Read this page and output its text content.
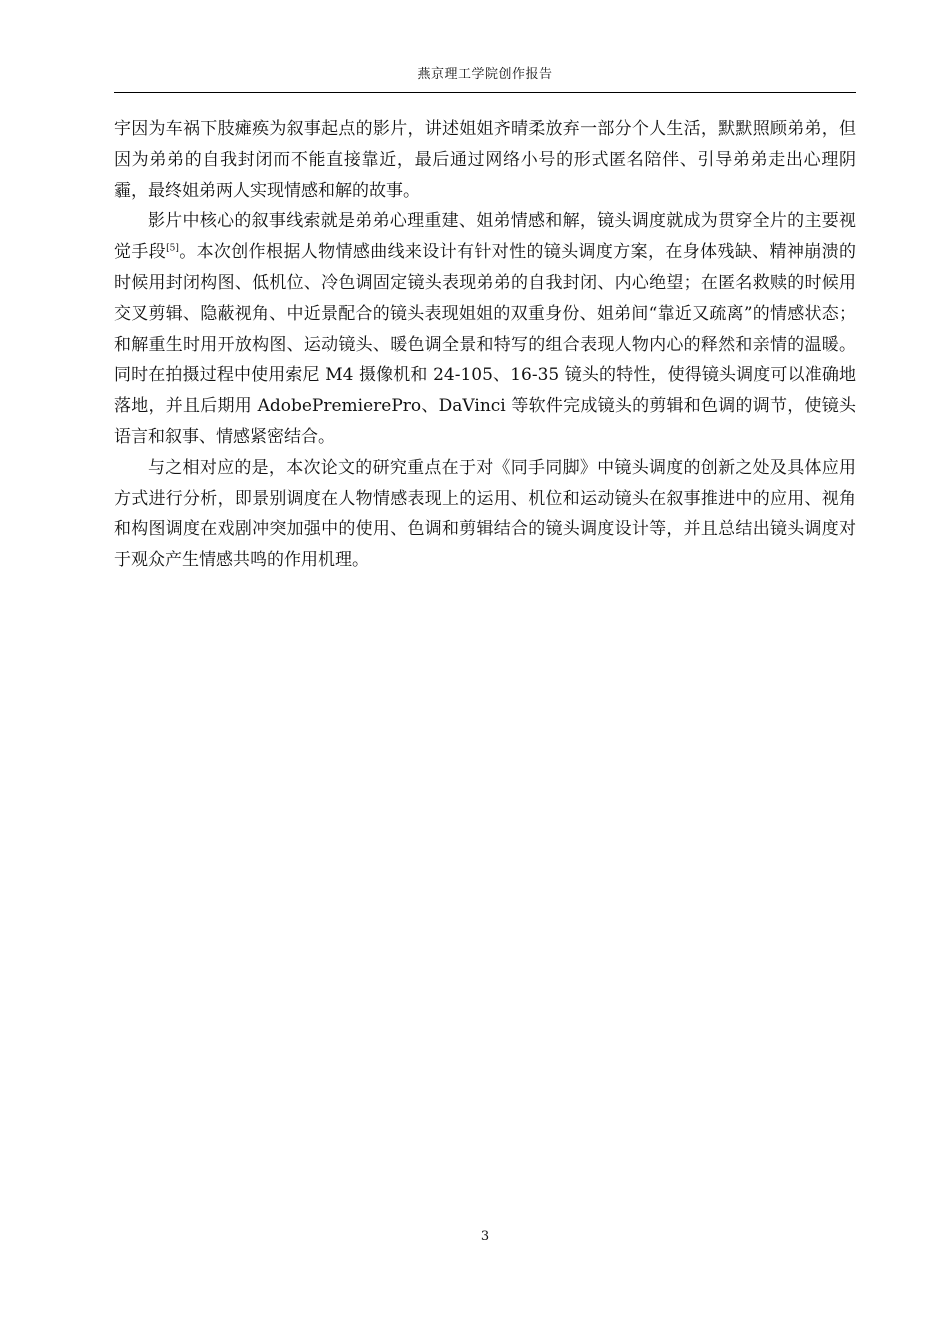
燕京理工学院创作报告

宇因为车祸下肢瘫痪为叙事起点的影片，讲述姐姐齐晴柔放弃一部分个人生活，默默照顾弟弟，但因为弟弟的自我封闭而不能直接靠近，最后通过网络小号的形式匿名陪伴、引导弟弟走出心理阴霾，最终姐弟两人实现情感和解的故事。

影片中核心的叙事线索就是弟弟心理重建、姐弟情感和解，镜头调度就成为贯穿全片的主要视觉手段[5]。本次创作根据人物情感曲线来设计有针对性的镜头调度方案，在身体残缺、精神崩溃的时候用封闭构图、低机位、冷色调固定镜头表现弟弟的自我封闭、内心绝望；在匿名救赎的时候用交叉剪辑、隐蔽视角、中近景配合的镜头表现姐姐的双重身份、姐弟间“靠近又疏离”的情感状态；和解重生时用开放构图、运动镜头、暖色调全景和特写的组合表现人物内心的释然和亲情的温暖。同时在拍摄过程中使用索尼 M4 摄像机和 24-105、16-35 镜头的特性，使得镜头调度可以准确地落地，并且后期用 AdobePremierePro、DaVinci 等软件完成镜头的剪辑和色调的调节，使镜头语言和叙事、情感紧密结合。

与之相对应的是，本次论文的研究重点在于对《同手同脚》中镜头调度的创新之处及具体应用方式进行分析，即景别调度在人物情感表现上的运用、机位和运动镜头在叙事推进中的应用、视角和构图调度在戏剧冲突加强中的使用、色调和剪辑结合的镜头调度设计等，并且总结出镜头调度对于观众产生情感共鸣的作用机理。

3
